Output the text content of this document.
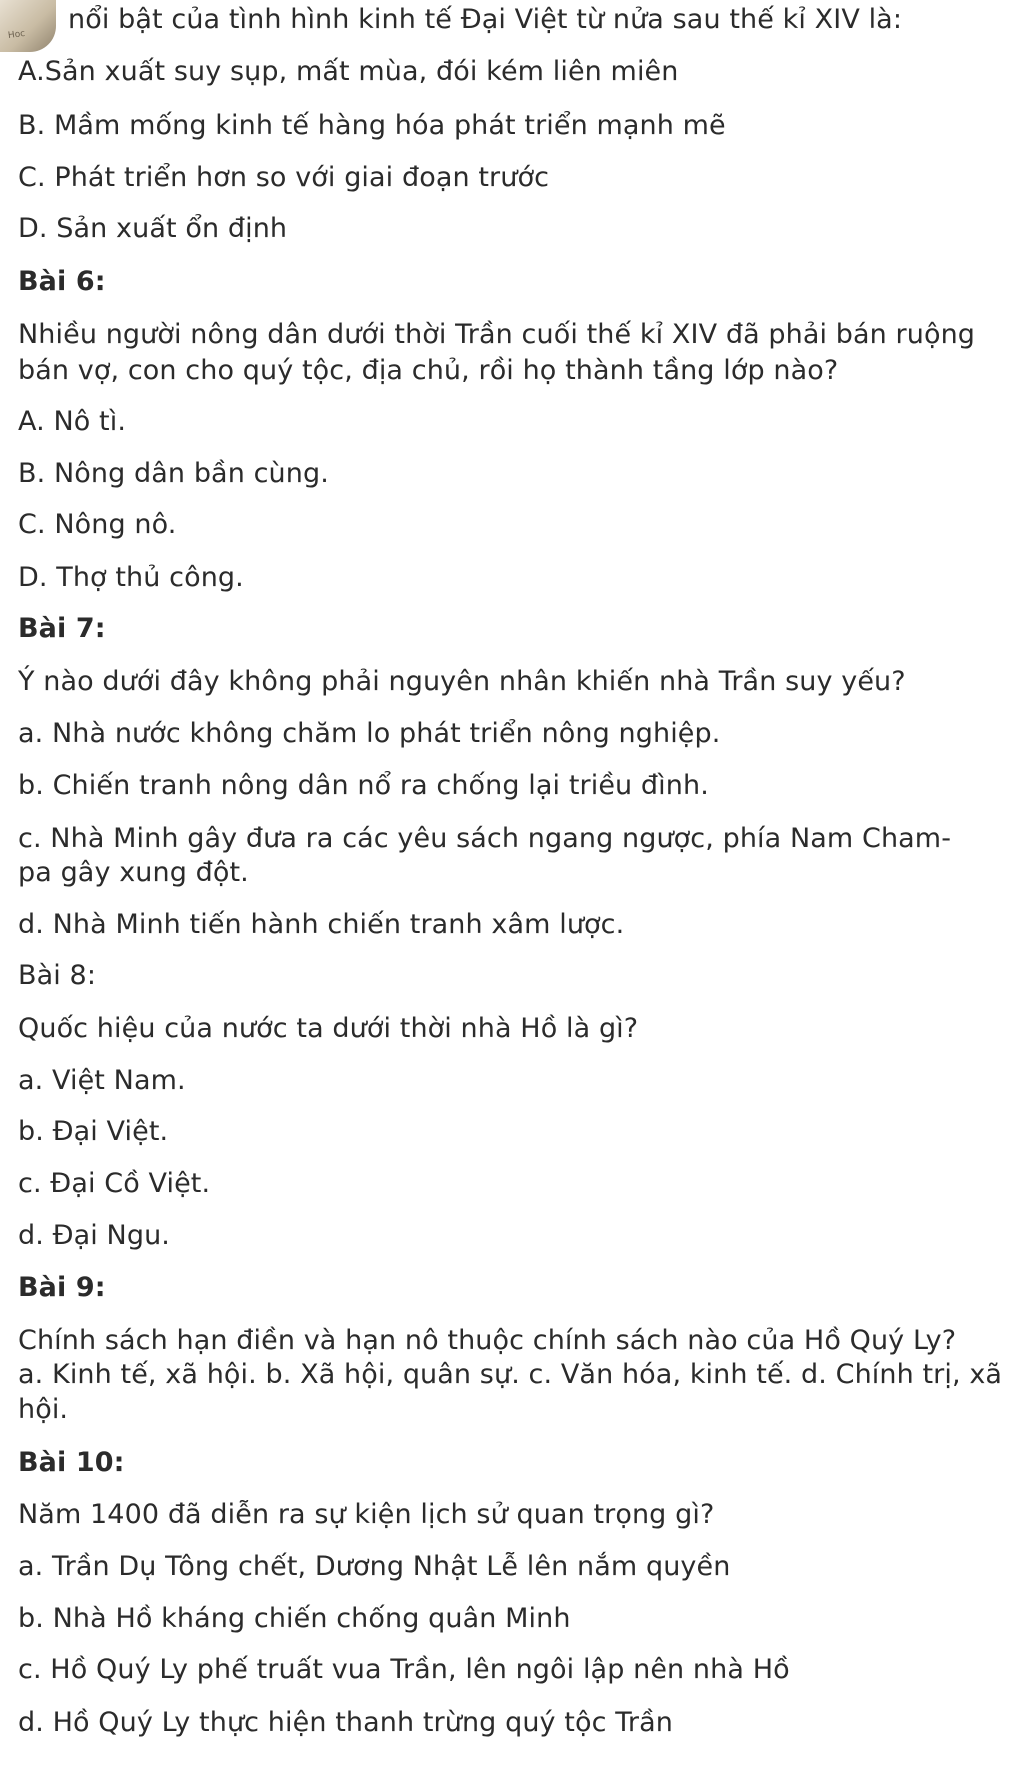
Hoc nổi bật của tình hình kinh tế Đại Việt từ nửa sau thế kỉ XIV là:
A.Sản xuất suy sụp, mất mùa, đói kém liên miên
B. Mầm mống kinh tế hàng hóa phát triển mạnh mẽ
C. Phát triển hơn so với giai đoạn trước
D. Sản xuất ổn định
Bài 6:
Nhiều người nông dân dưới thời Trần cuối thế kỉ XIV đã phải bán ruộng
bán vợ, con cho quý tộc, địa chủ, rồi họ thành tầng lớp nào?
A. Nô tì.
B. Nông dân bần cùng.
C. Nông nô.
D. Thợ thủ công.
Bài 7:
Ý nào dưới đây không phải nguyên nhân khiến nhà Trần suy yếu?
a. Nhà nước không chăm lo phát triển nông nghiệp.
b. Chiến tranh nông dân nổ ra chống lại triều đình.
c. Nhà Minh gây đưa ra các yêu sách ngang ngược, phía Nam Cham-
pa gây xung đột.
d. Nhà Minh tiến hành chiến tranh xâm lược.
Bài 8:
Quốc hiệu của nước ta dưới thời nhà Hồ là gì?
a. Việt Nam.
b. Đại Việt.
c. Đại Cồ Việt.
d. Đại Ngu.
Bài 9:
Chính sách hạn điền và hạn nô thuộc chính sách nào của Hồ Quý Ly?
a. Kinh tế, xã hội. b. Xã hội, quân sự. c. Văn hóa, kinh tế. d. Chính trị, xã
hội.
Bài 10:
Năm 1400 đã diễn ra sự kiện lịch sử quan trọng gì?
a. Trần Dụ Tông chết, Dương Nhật Lễ lên nắm quyền
b. Nhà Hồ kháng chiến chống quân Minh
c. Hồ Quý Ly phế truất vua Trần, lên ngôi lập nên nhà Hồ
d. Hồ Quý Ly thực hiện thanh trừng quý tộc Trần
